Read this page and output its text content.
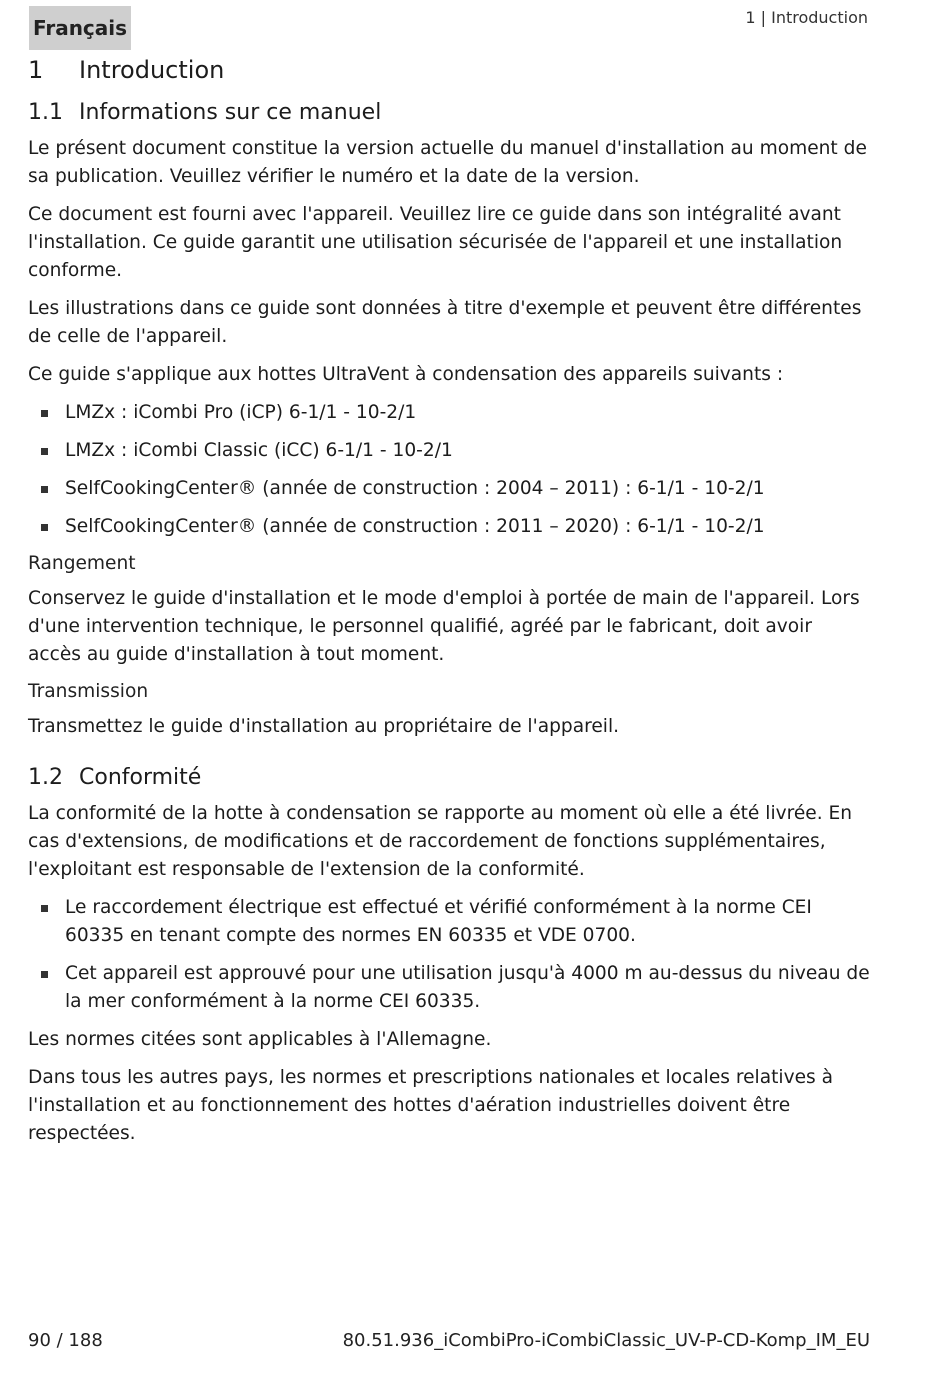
Français	1 | Introduction
1	Introduction
1.1 Informations sur ce manuel

Le présent document constitue la version actuelle du manuel d'installation au moment de sa publication. Veuillez vérifier le numéro et la date de la version.

Ce document est fourni avec l'appareil. Veuillez lire ce guide dans son intégralité avant l'installation. Ce guide garantit une utilisation sécurisée de l'appareil et une installation conforme.

Les illustrations dans ce guide sont données à titre d'exemple et peuvent être différentes de celle de l'appareil.

Ce guide s'applique aux hottes UltraVent à condensation des appareils suivants :

LMZx : iCombi Pro (iCP) 6-1/1 - 10-2/1
LMZx : iCombi Classic (iCC) 6-1/1 - 10-2/1
SelfCookingCenter® (année de construction : 2004 – 2011) : 6-1/1 - 10-2/1
SelfCookingCenter® (année de construction : 2011 – 2020) : 6-1/1 - 10-2/1
Rangement

Conservez le guide d'installation et le mode d'emploi à portée de main de l'appareil. Lors d'une intervention technique, le personnel qualifié, agréé par le fabricant, doit avoir accès au guide d'installation à tout moment.

Transmission

Transmettez le guide d'installation au propriétaire de l'appareil.

1.2 Conformité

La conformité de la hotte à condensation se rapporte au moment où elle a été livrée. En cas d'extensions, de modifications et de raccordement de fonctions supplémentaires, l'exploitant est responsable de l'extension de la conformité.

Le raccordement électrique est effectué et vérifié conformément à la norme CEI 60335 en tenant compte des normes EN 60335 et VDE 0700.
Cet appareil est approuvé pour une utilisation jusqu'à 4000 m au-dessus du niveau de la mer conformément à la norme CEI 60335.

Les normes citées sont applicables à l'Allemagne.

Dans tous les autres pays, les normes et prescriptions nationales et locales relatives à l'installation et au fonctionnement des hottes d'aération industrielles doivent être respectées.

90 / 188	80.51.936_iCombiPro-iCombiClassic_UV-P-CD-Komp_IM_EU
